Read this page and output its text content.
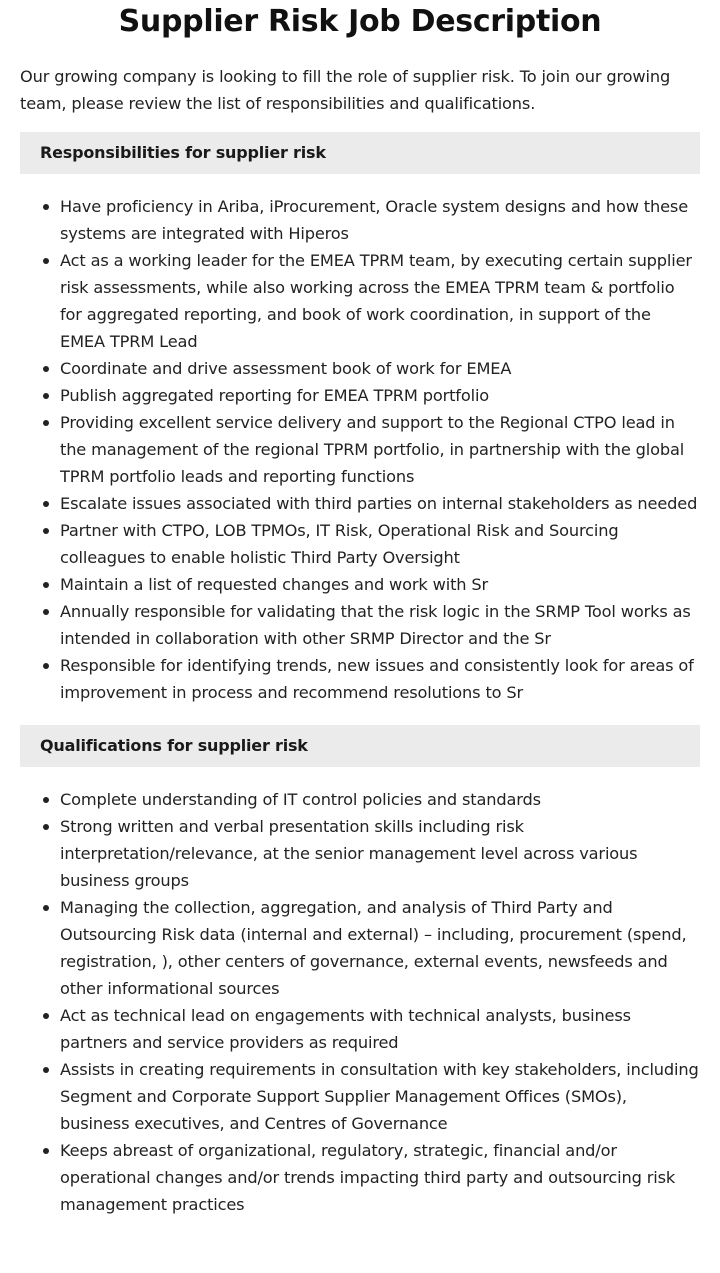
Supplier Risk Job Description

Our growing company is looking to fill the role of supplier risk. To join our growing team, please review the list of responsibilities and qualifications.

Responsibilities for supplier risk
Have proficiency in Ariba, iProcurement, Oracle system designs and how these systems are integrated with Hiperos
Act as a working leader for the EMEA TPRM team, by executing certain supplier risk assessments, while also working across the EMEA TPRM team & portfolio for aggregated reporting, and book of work coordination, in support of the EMEA TPRM Lead
Coordinate and drive assessment book of work for EMEA
Publish aggregated reporting for EMEA TPRM portfolio
Providing excellent service delivery and support to the Regional CTPO lead in the management of the regional TPRM portfolio, in partnership with the global TPRM portfolio leads and reporting functions
Escalate issues associated with third parties on internal stakeholders as needed
Partner with CTPO, LOB TPMOs, IT Risk, Operational Risk and Sourcing colleagues to enable holistic Third Party Oversight
Maintain a list of requested changes and work with Sr
Annually responsible for validating that the risk logic in the SRMP Tool works as intended in collaboration with other SRMP Director and the Sr
Responsible for identifying trends, new issues and consistently look for areas of improvement in process and recommend resolutions to Sr
Qualifications for supplier risk
Complete understanding of IT control policies and standards
Strong written and verbal presentation skills including risk interpretation/relevance, at the senior management level across various business groups
Managing the collection, aggregation, and analysis of Third Party and Outsourcing Risk data (internal and external) – including, procurement (spend, registration, ), other centers of governance, external events, newsfeeds and other informational sources
Act as technical lead on engagements with technical analysts, business partners and service providers as required
Assists in creating requirements in consultation with key stakeholders, including Segment and Corporate Support Supplier Management Offices (SMOs), business executives, and Centres of Governance
Keeps abreast of organizational, regulatory, strategic, financial and/or operational changes and/or trends impacting third party and outsourcing risk management practices
